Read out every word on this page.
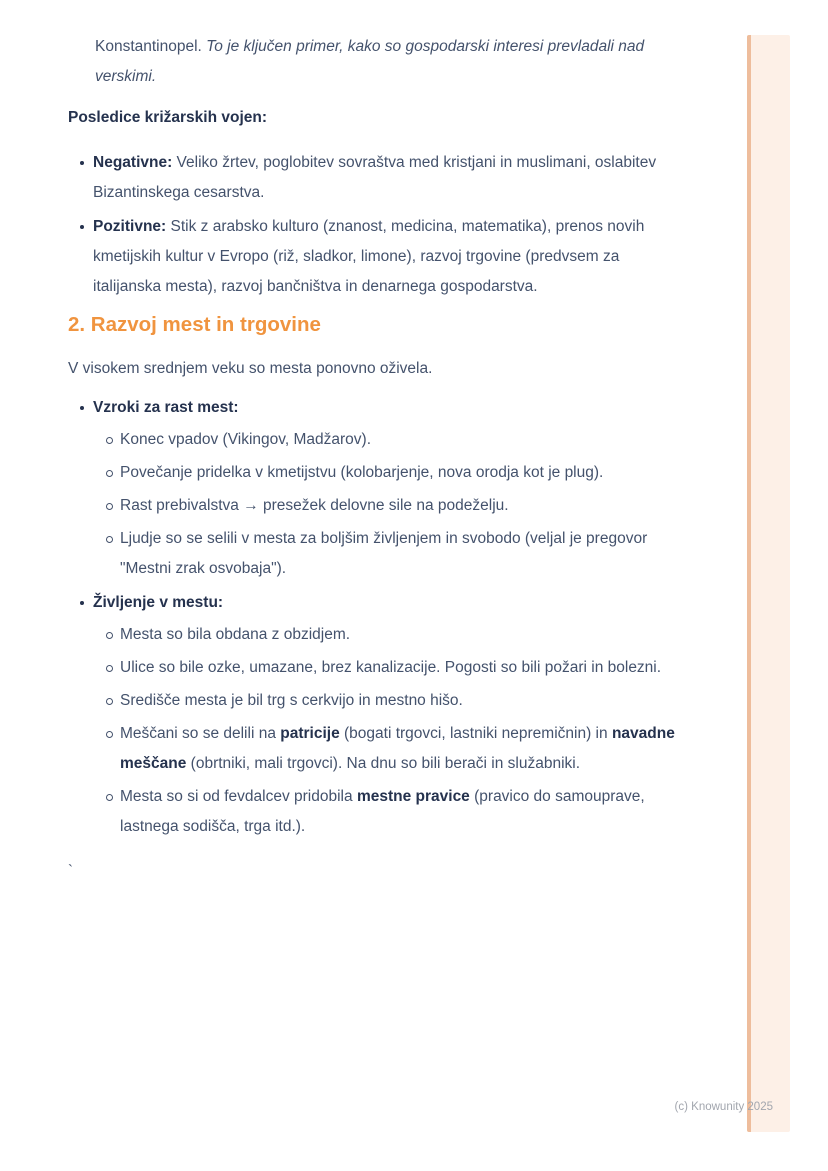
Konstantinopel. To je ključen primer, kako so gospodarski interesi prevladali nad verskimi.

Posledice križarskih vojen:

Negativne: Veliko žrtev, poglobitev sovraštva med kristjani in muslimani, oslabitev Bizantinskega cesarstva.
Pozitivne: Stik z arabsko kulturo (znanost, medicina, matematika), prenos novih kmetijskih kultur v Evropo (riž, sladkor, limone), razvoj trgovine (predvsem za italijanska mesta), razvoj bančništva in denarnega gospodarstva.
2. Razvoj mest in trgovine

V visokem srednjem veku so mesta ponovno oživela.

Vzroki za rast mest:
Konec vpadov (Vikingov, Madžarov).
Povečanje pridelka v kmetijstvu (kolobarjenje, nova orodja kot je plug).
Rast prebivalstva → presežek delovne sile na podeželju.
Ljudje so se selili v mesta za boljšim življenjem in svobodo (veljal je pregovor "Mestni zrak osvobaja").
Življenje v mestu:
Mesta so bila obdana z obzidjem.
Ulice so bile ozke, umazane, brez kanalizacije. Pogosti so bili požari in bolezni.
Središče mesta je bil trg s cerkvijo in mestno hišo.
Meščani so se delili na patricije (bogati trgovci, lastniki nepremičnin) in navadne meščane (obrtniki, mali trgovci). Na dnu so bili berači in služabniki.
Mesta so si od fevdalcev pridobila mestne pravice (pravico do samouprave, lastnega sodišča, trga itd.).
`
(c) Knowunity 2025
